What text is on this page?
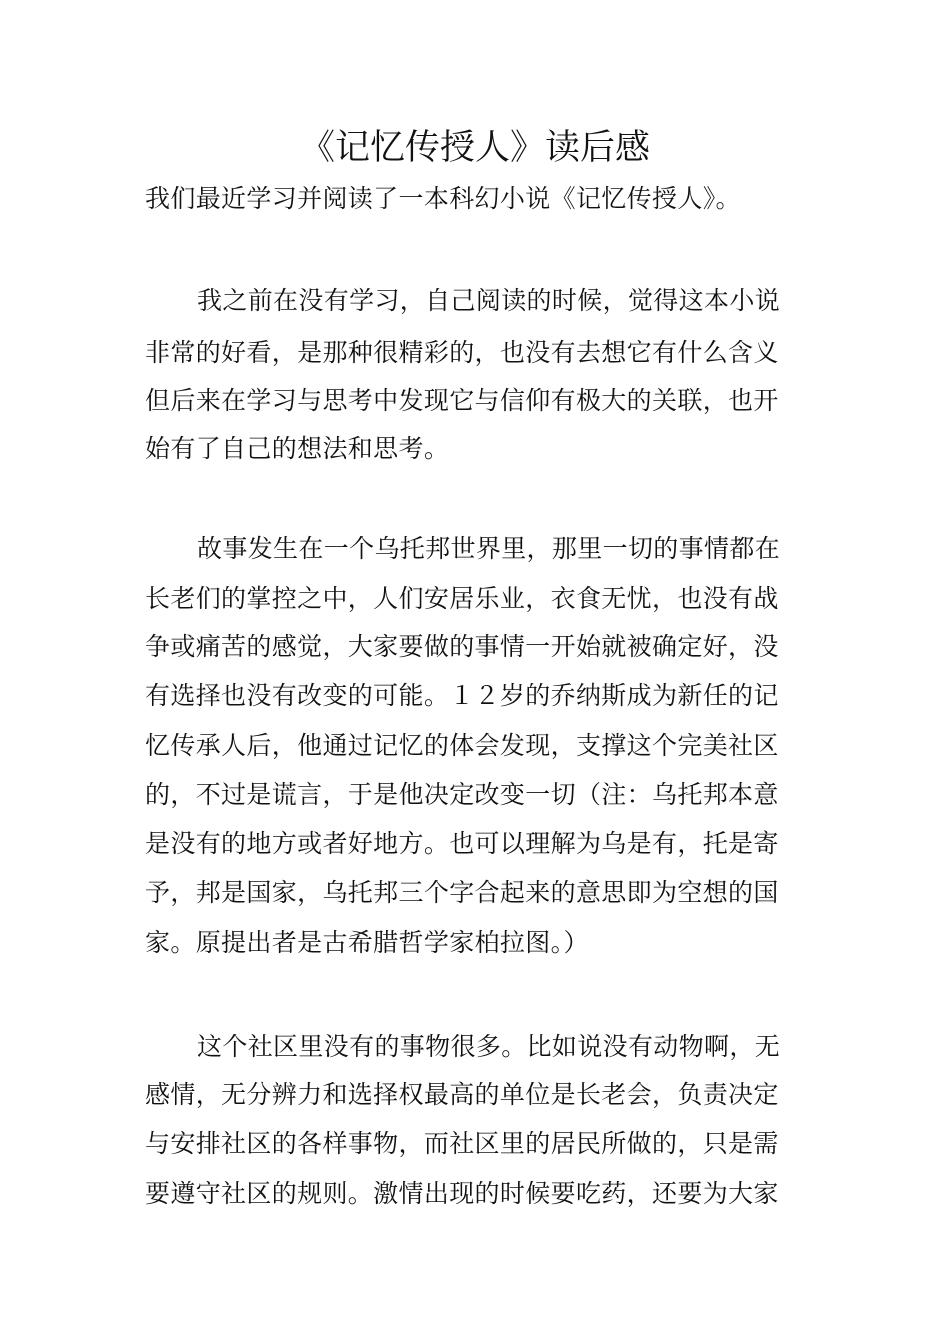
《记忆传授人》读后感
我们最近学习并阅读了一本科幻小说《记忆传授人》。
我之前在没有学习，自己阅读的时候，觉得这本小说
非常的好看，是那种很精彩的，也没有去想它有什么含义
但后来在学习与思考中发现它与信仰有极大的关联，也开
始有了自己的想法和思考。
故事发生在一个乌托邦世界里，那里一切的事情都在
长老们的掌控之中，人们安居乐业，衣食无忧，也没有战
争或痛苦的感觉，大家要做的事情一开始就被确定好，没
有选择也没有改变的可能。１２岁的乔纳斯成为新任的记
忆传承人后，他通过记忆的体会发现，支撑这个完美社区
的，不过是谎言，于是他决定改变一切（注：乌托邦本意
是没有的地方或者好地方。也可以理解为乌是有，托是寄
予，邦是国家，乌托邦三个字合起来的意思即为空想的国
家。原提出者是古希腊哲学家柏拉图。）
这个社区里没有的事物很多。比如说没有动物啊，无
感情，无分辨力和选择权最高的单位是长老会，负责决定
与安排社区的各样事物，而社区里的居民所做的，只是需
要遵守社区的规则。激情出现的时候要吃药，还要为大家
